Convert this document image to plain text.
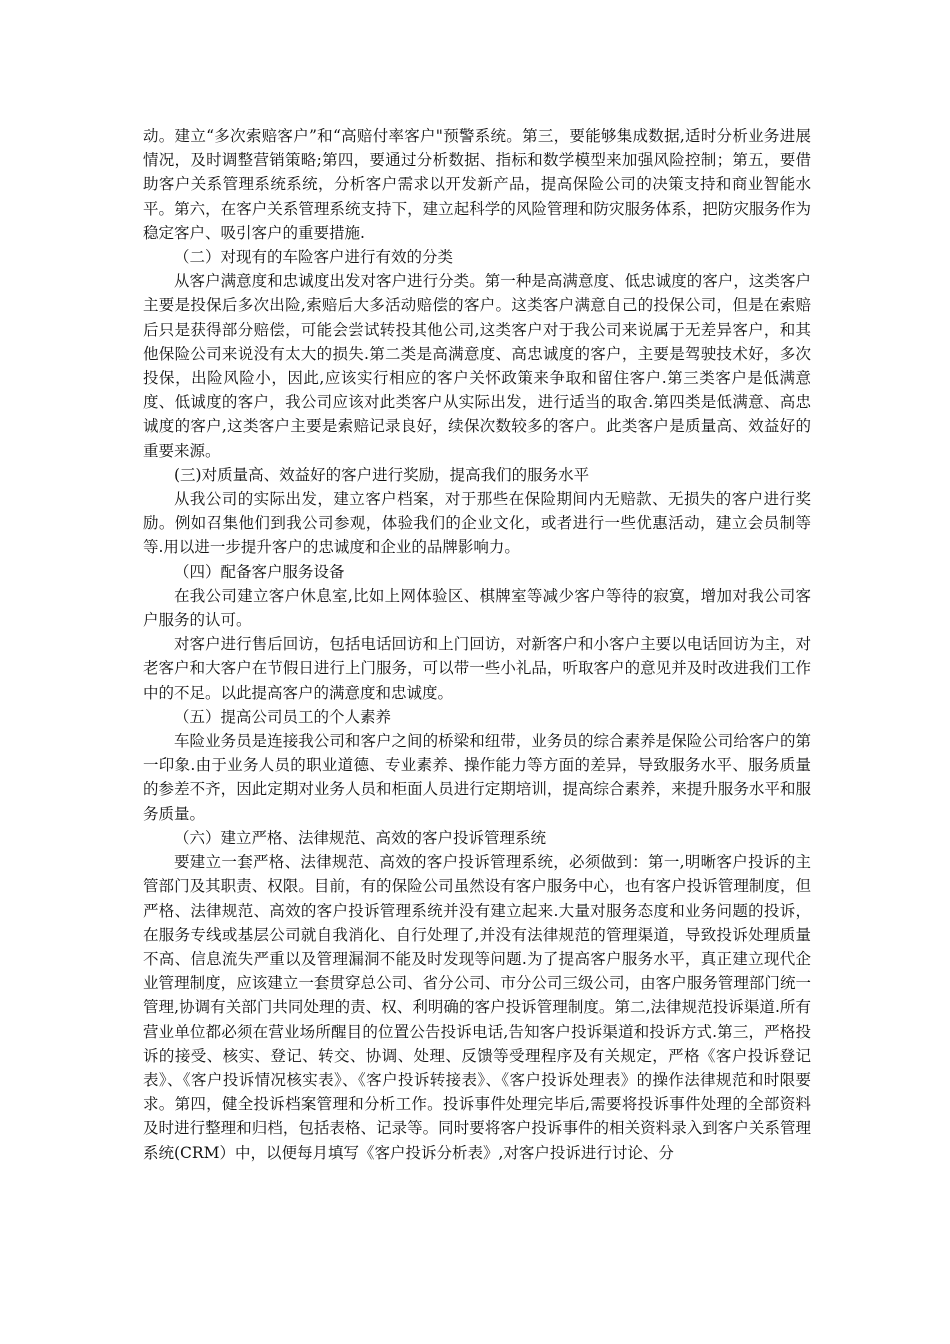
动。建立“多次索赔客户”和“高赔付率客户"预警系统。第三，要能够集成数据,适时分析业务进展情况，及时调整营销策略;第四，要通过分析数据、指标和数学模型来加强风险控制；第五，要借助客户关系管理系统系统，分析客户需求以开发新产品，提高保险公司的决策支持和商业智能水平。第六，在客户关系管理系统支持下，建立起科学的风险管理和防灾服务体系，把防灾服务作为稳定客户、吸引客户的重要措施.

（二）对现有的车险客户进行有效的分类

从客户满意度和忠诚度出发对客户进行分类。第一种是高满意度、低忠诚度的客户，这类客户主要是投保后多次出险,索赔后大多活动赔偿的客户。这类客户满意自己的投保公司，但是在索赔后只是获得部分赔偿，可能会尝试转投其他公司,这类客户对于我公司来说属于无差异客户，和其他保险公司来说没有太大的损失.第二类是高满意度、高忠诚度的客户，主要是驾驶技术好，多次投保，出险风险小，因此,应该实行相应的客户关怀政策来争取和留住客户.第三类客户是低满意度、低诚度的客户，我公司应该对此类客户从实际出发，进行适当的取舍.第四类是低满意、高忠诚度的客户,这类客户主要是索赔记录良好，续保次数较多的客户。此类客户是质量高、效益好的重要来源。

(三)对质量高、效益好的客户进行奖励，提高我们的服务水平

从我公司的实际出发，建立客户档案，对于那些在保险期间内无赔款、无损失的客户进行奖励。例如召集他们到我公司参观，体验我们的企业文化，或者进行一些优惠活动，建立会员制等等.用以进一步提升客户的忠诚度和企业的品牌影响力。

（四）配备客户服务设备

在我公司建立客户休息室,比如上网体验区、棋牌室等减少客户等待的寂寞，增加对我公司客户服务的认可。

对客户进行售后回访，包括电话回访和上门回访，对新客户和小客户主要以电话回访为主，对老客户和大客户在节假日进行上门服务，可以带一些小礼品，听取客户的意见并及时改进我们工作中的不足。以此提高客户的满意度和忠诚度。

（五）提高公司员工的个人素养

车险业务员是连接我公司和客户之间的桥梁和纽带，业务员的综合素养是保险公司给客户的第一印象.由于业务人员的职业道德、专业素养、操作能力等方面的差异，导致服务水平、服务质量的参差不齐，因此定期对业务人员和柜面人员进行定期培训，提高综合素养，来提升服务水平和服务质量。

（六）建立严格、法律规范、高效的客户投诉管理系统

要建立一套严格、法律规范、高效的客户投诉管理系统，必须做到：第一,明晰客户投诉的主管部门及其职责、权限。目前，有的保险公司虽然设有客户服务中心，也有客户投诉管理制度，但严格、法律规范、高效的客户投诉管理系统并没有建立起来.大量对服务态度和业务问题的投诉，在服务专线或基层公司就自我消化、自行处理了,并没有法律规范的管理渠道，导致投诉处理质量不高、信息流失严重以及管理漏洞不能及时发现等问题.为了提高客户服务水平，真正建立现代企业管理制度，应该建立一套贯穿总公司、省分公司、市分公司三级公司，由客户服务管理部门统一管理,协调有关部门共同处理的责、权、利明确的客户投诉管理制度。第二,法律规范投诉渠道.所有营业单位都必须在营业场所醒目的位置公告投诉电话,告知客户投诉渠道和投诉方式.第三，严格投诉的接受、核实、登记、转交、协调、处理、反馈等受理程序及有关规定，严格《客户投诉登记表》、《客户投诉情况核实表》、《客户投诉转接表》、《客户投诉处理表》的操作法律规范和时限要求。第四，健全投诉档案管理和分析工作。投诉事件处理完毕后,需要将投诉事件处理的全部资料及时进行整理和归档，包括表格、记录等。同时要将客户投诉事件的相关资料录入到客户关系管理系统(CRM）中，以便每月填写《客户投诉分析表》,对客户投诉进行讨论、分
